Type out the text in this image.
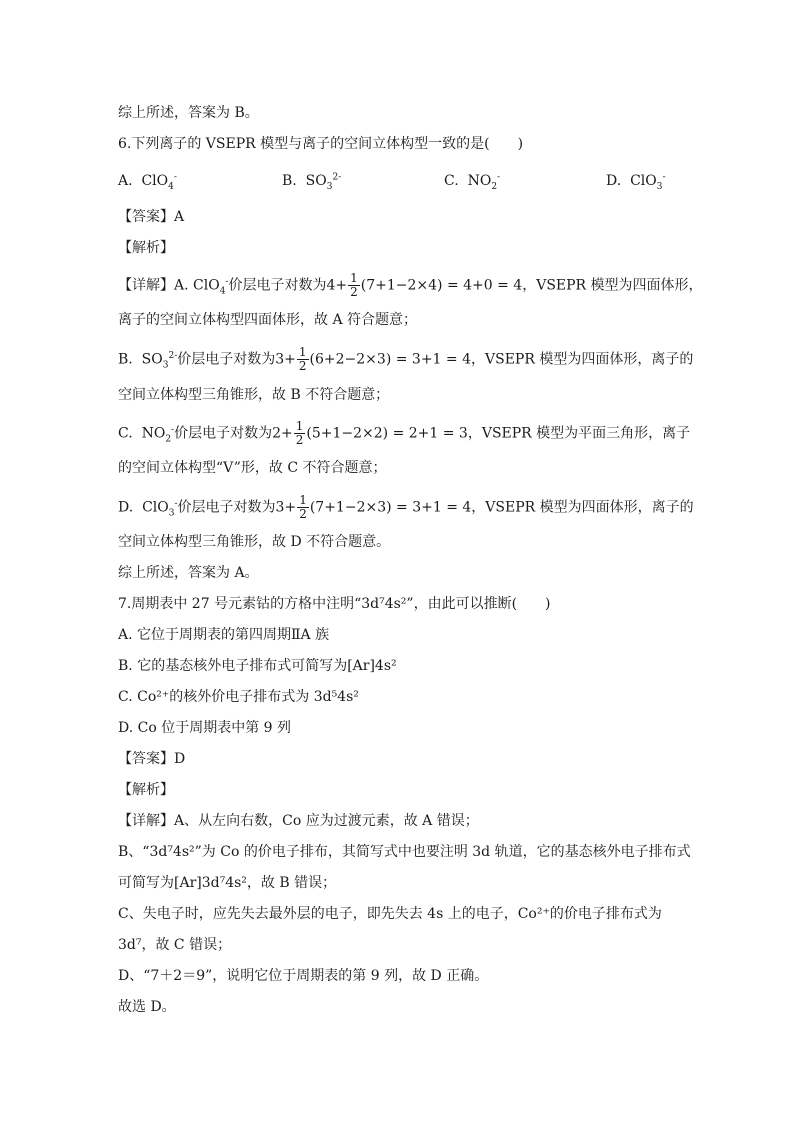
综上所述，答案为 B。
6.下列离子的 VSEPR 模型与离子的空间立体构型一致的是(　　)
A. ClO$_4$-	B. $SO_3^{2-}$	C. $NO_2^-$	D. ClO$_3$-
【答案】A
【解析】
【详解】A. ClO$_4$-价层电子对数为$4+ \frac{1}{2} (7+1-2\times 4) = 4+0 = 4$，VSEPR 模型为四面体形，
离子的空间立体构型四面体形，故 A 符合题意；
B. $SO_3^{2-}$价层电子对数为$3+ \frac{1}{2} (6+2-2\times 3) = 3+1 = 4$，VSEPR 模型为四面体形，离子的
空间立体构型三角锥形，故 B 不符合题意；
C. $NO_2^-$价层电子对数为$2+ \frac{1}{2} (5+1-2\times 2) = 2+1 = 3$，VSEPR 模型为平面三角形，离子
的空间立体构型“V”形，故 C 不符合题意；
D. ClO$_3$-价层电子对数为$3+ \frac{1}{2} (7+1-2\times 3) = 3+1 = 4$，VSEPR 模型为四面体形，离子的
空间立体构型三角锥形，故 D 不符合题意。
综上所述，答案为 A。
7.周期表中 27 号元素钴的方格中注明“3d⁷4s²”，由此可以推断(　　)
A. 它位于周期表的第四周期ⅡA 族
B. 它的基态核外电子排布式可简写为[Ar]4s²
C. Co²⁺的核外价电子排布式为 3d⁵4s²
D. Co 位于周期表中第 9 列
【答案】D
【解析】
【详解】A、从左向右数，Co 应为过渡元素，故 A 错误；
B、“3d⁷4s²”为 Co 的价电子排布，其简写式中也要注明 3d 轨道，它的基态核外电子排布式
可简写为[Ar]3d⁷4s²，故 B 错误；
C、失电子时，应先失去最外层的电子，即先失去 4s 上的电子，Co²⁺的价电子排布式为
3d⁷，故 C 错误；
D、“7＋2＝9”，说明它位于周期表的第 9 列，故 D 正确。
故选 D。
